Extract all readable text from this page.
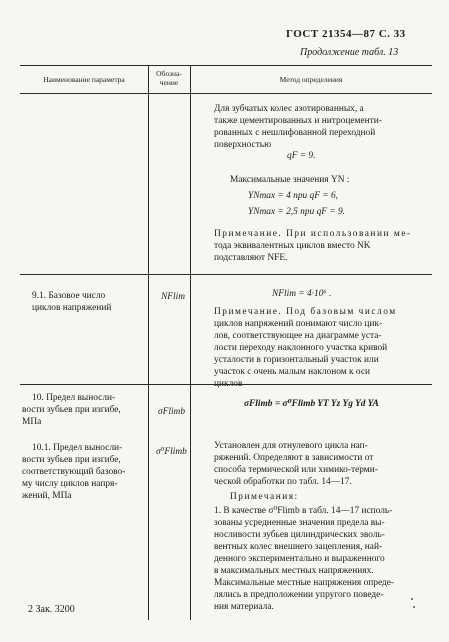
ГОСТ 21354—87 С. 33
Продолжение табл. 13
Наименование параметра
Обозна-
чение	Метод определения
Для зубчатых колес азотированных, а
также цементированных и нитроцементи-
рованных с нешлифованной переходной
поверхностью
qF = 9.
Максимальные значения YN :
YNmax = 4 при qF = 6,
YNmax = 2,5 при qF = 9.
Примечание. При использовании ме-
тода эквивалентных циклов вместо NK
подставляют NFE.
9.1. Базовое число
циклов напряжений
NFlim	NFlim = 4·10⁶ .
Примечание. Под базовым числом
циклов напряжений понимают число цик-
лов, соответствующее на диаграмме уста-
лости переходу наклонного участка кривой
усталости в горизонтальный участок или
участок с очень малым наклоном к оси
циклов
10. Предел выносли-
вости зубьев при изгибе,
МПа
σFlimb
σFlimb = σ⁰Flimb YT Yz Yg Yd YA
10.1. Предел выносли-
вости зубьев при изгибе,
соответствующий базово-
му числу циклов напря-
жений, МПа
σ⁰Flimb
Установлен для отнулевого цикла нап-
ряжений. Определяют в зависимости от
способа термической или химико-терми-
ческой обработки по табл. 14—17.
Примечания:
1. В качестве σ⁰Flimb в табл. 14—17 исполь-
зованы усредненные значения предела вы-
носливости зубьев цилиндрических эволь-
вентных колес внешнего зацепления, най-
денного экспериментально и выраженного
в максимальных местных напряжениях.
Максимальные местные напряжения опреде-
лялись в предположении упругого поведе-
ния материала.
2 Зак. 3200
